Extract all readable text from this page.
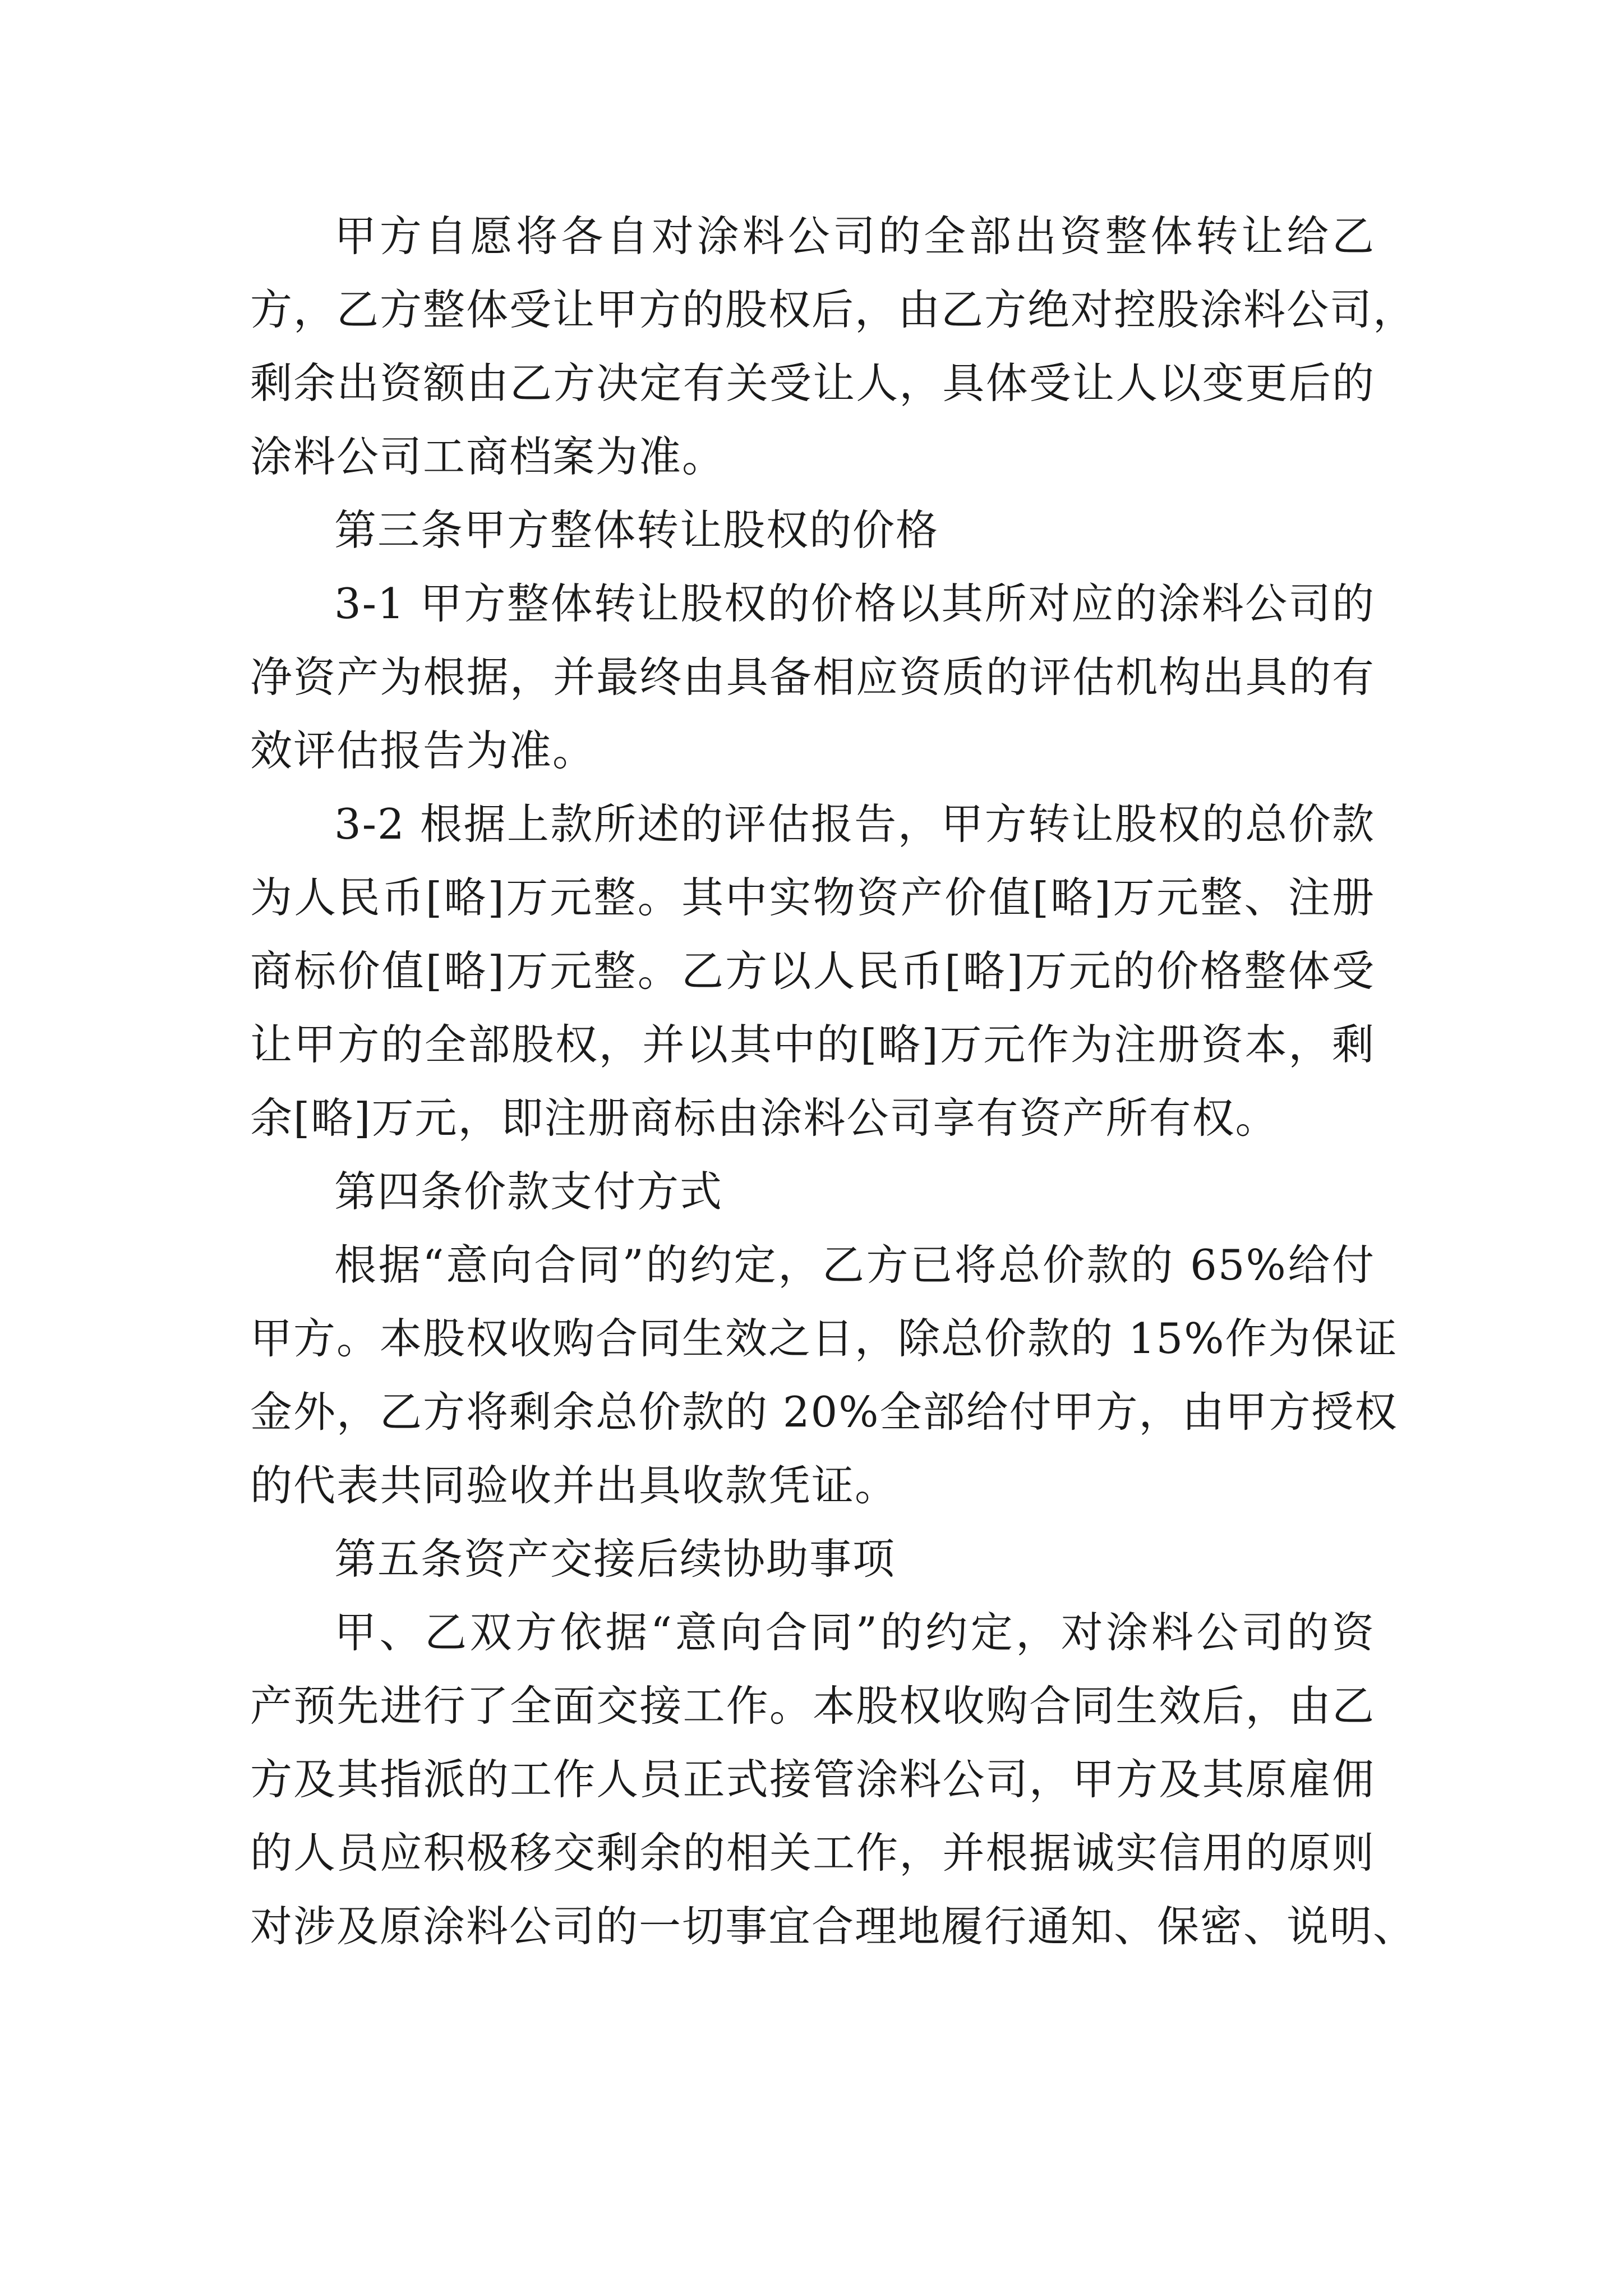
甲方自愿将各自对涂料公司的全部出资整体转让给乙
方，乙方整体受让甲方的股权后，由乙方绝对控股涂料公司，
剩余出资额由乙方决定有关受让人，具体受让人以变更后的
涂料公司工商档案为准。
第三条甲方整体转让股权的价格
3-1 甲方整体转让股权的价格以其所对应的涂料公司的
净资产为根据，并最终由具备相应资质的评估机构出具的有
效评估报告为准。
3-2 根据上款所述的评估报告，甲方转让股权的总价款
为人民币[略]万元整。其中实物资产价值[略]万元整、注册
商标价值[略]万元整。乙方以人民币[略]万元的价格整体受
让甲方的全部股权，并以其中的[略]万元作为注册资本，剩
余[略]万元，即注册商标由涂料公司享有资产所有权。
第四条价款支付方式
根据“意向合同”的约定，乙方已将总价款的 65%给付
甲方。本股权收购合同生效之日，除总价款的 15%作为保证
金外，乙方将剩余总价款的 20%全部给付甲方，由甲方授权
的代表共同验收并出具收款凭证。
第五条资产交接后续协助事项
甲、乙双方依据“意向合同”的约定，对涂料公司的资
产预先进行了全面交接工作。本股权收购合同生效后，由乙
方及其指派的工作人员正式接管涂料公司，甲方及其原雇佣
的人员应积极移交剩余的相关工作，并根据诚实信用的原则
对涉及原涂料公司的一切事宜合理地履行通知、保密、说明、
